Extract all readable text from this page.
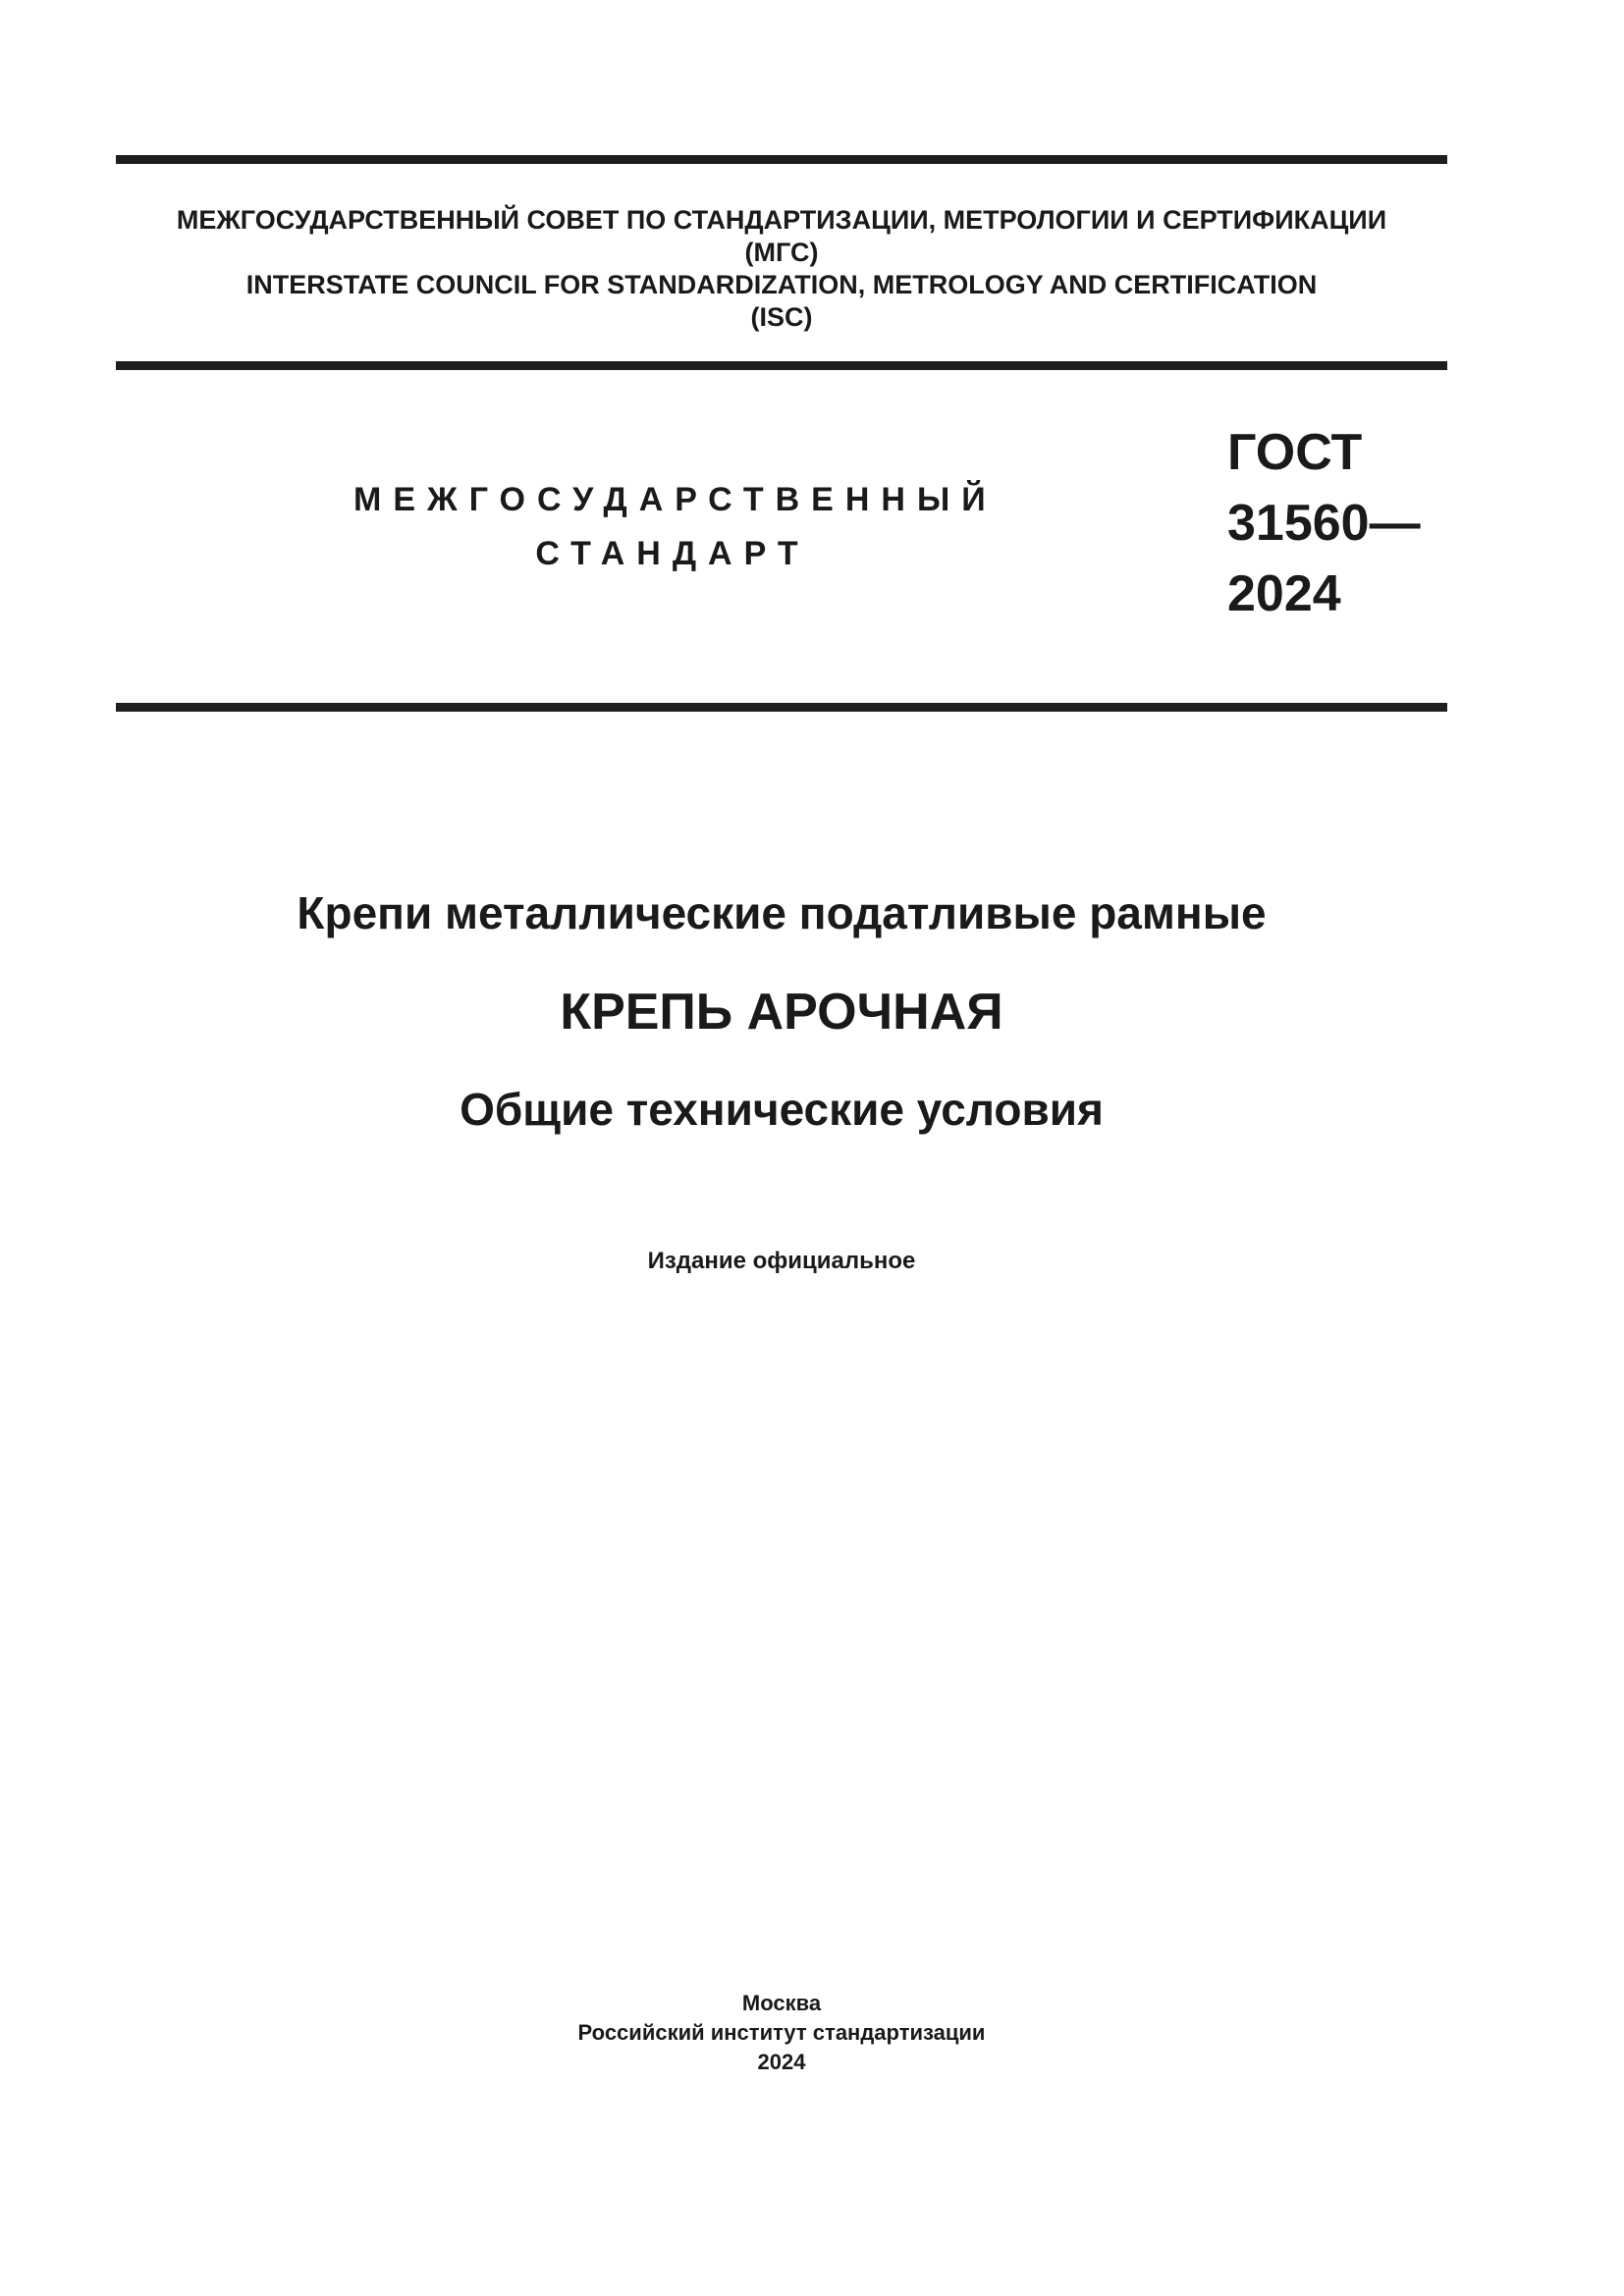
МЕЖГОСУДАРСТВЕННЫЙ СОВЕТ ПО СТАНДАРТИЗАЦИИ, МЕТРОЛОГИИ И СЕРТИФИКАЦИИ
(МГС)
INTERSTATE COUNCIL FOR STANDARDIZATION, METROLOGY AND CERTIFICATION
(ISC)
МЕЖГОСУДАРСТВЕННЫЙ
СТАНДАРТ
ГОСТ
31560—
2024
Крепи металлические податливые рамные
КРЕПЬ АРОЧНАЯ
Общие технические условия
Издание официальное
Москва
Российский институт стандартизации
2024
